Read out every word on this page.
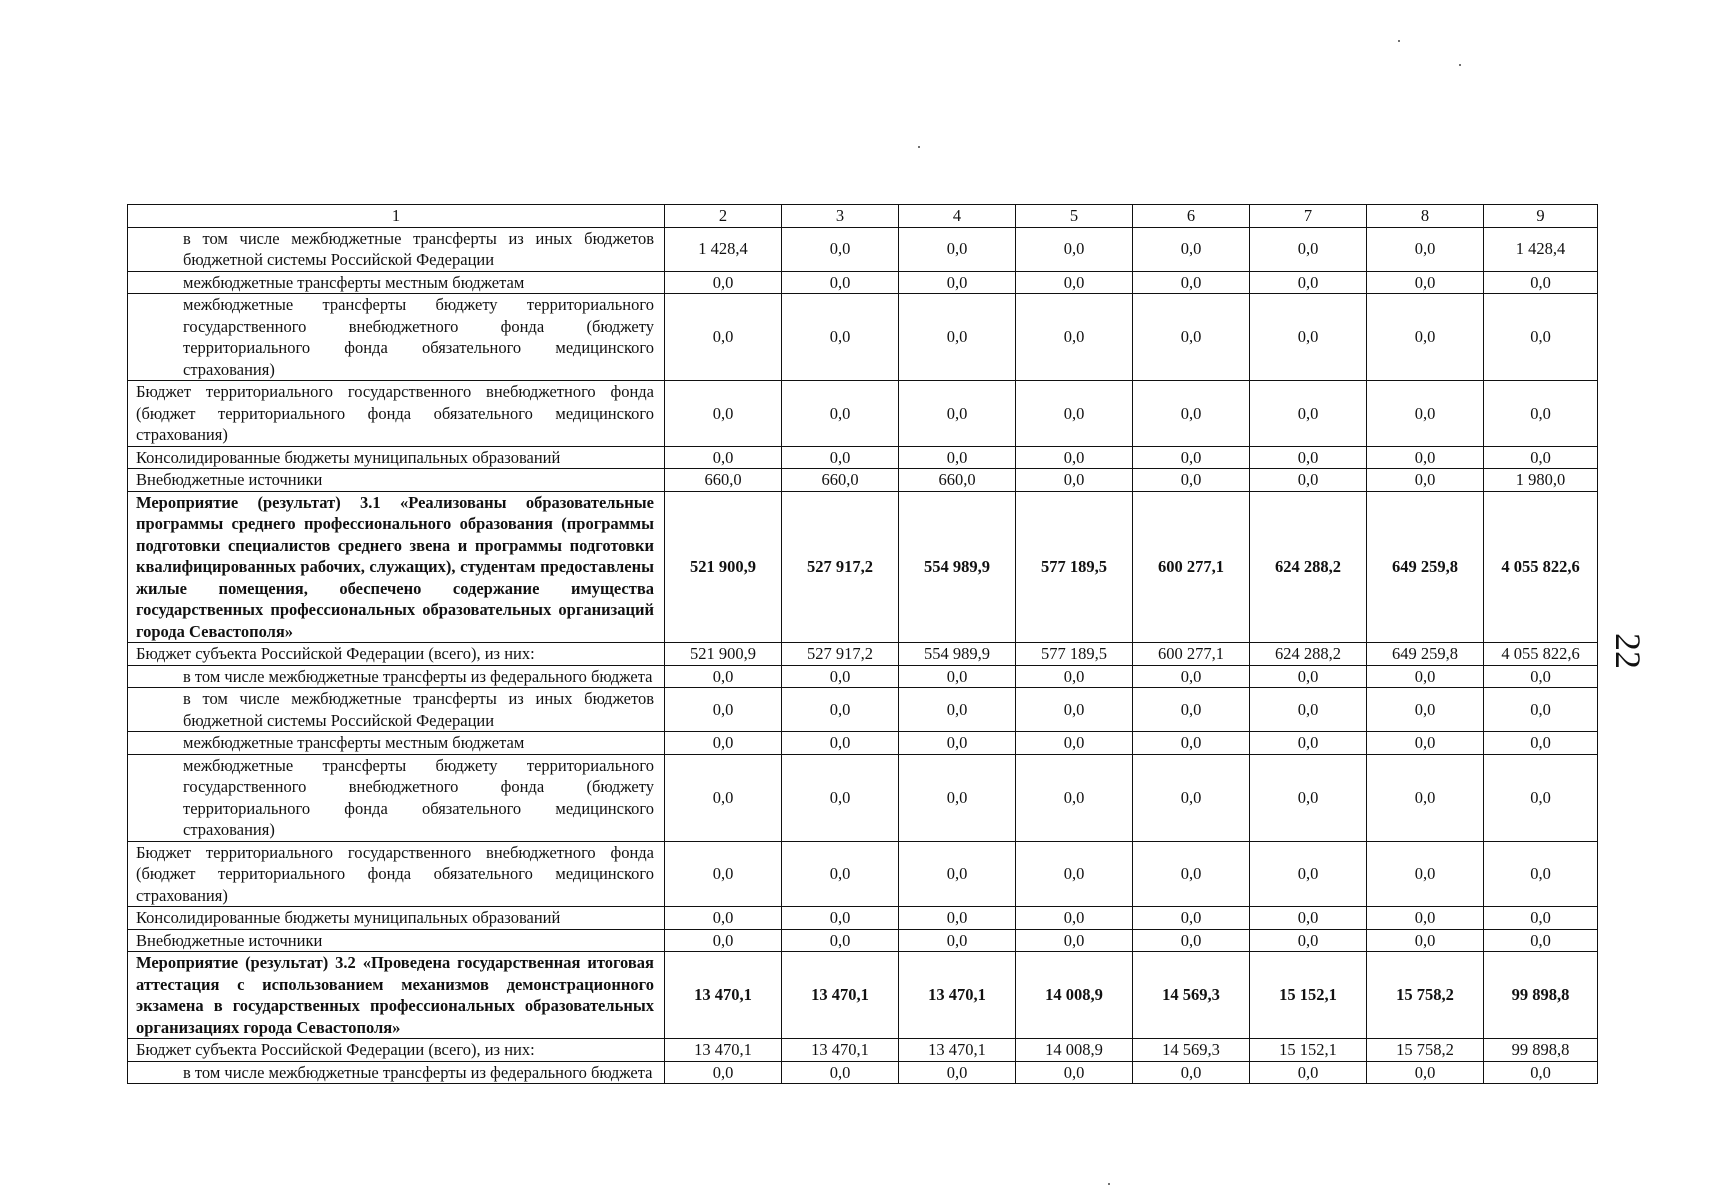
1	2	3	4	5	6	7	8	9
в том числе межбюджетные трансферты из иных бюджетов бюджетной системы Российской Федерации	1 428,4	0,0	0,0	0,0	0,0	0,0	0,0	1 428,4
межбюджетные трансферты местным бюджетам	0,0	0,0	0,0	0,0	0,0	0,0	0,0	0,0
межбюджетные трансферты бюджету территориального государственного внебюджетного фонда (бюджету территориального фонда обязательного медицинского страхования)	0,0	0,0	0,0	0,0	0,0	0,0	0,0	0,0
Бюджет территориального государственного внебюджетного фонда (бюджет территориального фонда обязательного медицинского страхования)	0,0	0,0	0,0	0,0	0,0	0,0	0,0	0,0
Консолидированные бюджеты муниципальных образований	0,0	0,0	0,0	0,0	0,0	0,0	0,0	0,0
Внебюджетные источники	660,0	660,0	660,0	0,0	0,0	0,0	0,0	1 980,0
Мероприятие (результат) 3.1 «Реализованы образовательные программы среднего профессионального образования (программы подготовки специалистов среднего звена и программы подготовки квалифицированных рабочих, служащих), студентам предоставлены жилые помещения, обеспечено содержание имущества государственных профессиональных образовательных организаций города Севастополя»	521 900,9	527 917,2	554 989,9	577 189,5	600 277,1	624 288,2	649 259,8	4 055 822,6
Бюджет субъекта Российской Федерации (всего), из них:	521 900,9	527 917,2	554 989,9	577 189,5	600 277,1	624 288,2	649 259,8	4 055 822,6
в том числе межбюджетные трансферты из федерального бюджета	0,0	0,0	0,0	0,0	0,0	0,0	0,0	0,0
в том числе межбюджетные трансферты из иных бюджетов бюджетной системы Российской Федерации	0,0	0,0	0,0	0,0	0,0	0,0	0,0	0,0
межбюджетные трансферты местным бюджетам	0,0	0,0	0,0	0,0	0,0	0,0	0,0	0,0
межбюджетные трансферты бюджету территориального государственного внебюджетного фонда (бюджету территориального фонда обязательного медицинского страхования)	0,0	0,0	0,0	0,0	0,0	0,0	0,0	0,0
Бюджет территориального государственного внебюджетного фонда (бюджет территориального фонда обязательного медицинского страхования)	0,0	0,0	0,0	0,0	0,0	0,0	0,0	0,0
Консолидированные бюджеты муниципальных образований	0,0	0,0	0,0	0,0	0,0	0,0	0,0	0,0
Внебюджетные источники	0,0	0,0	0,0	0,0	0,0	0,0	0,0	0,0
Мероприятие (результат) 3.2 «Проведена государственная итоговая аттестация с использованием механизмов демонстрационного экзамена в государственных профессиональных образовательных организациях города Севастополя»	13 470,1	13 470,1	13 470,1	14 008,9	14 569,3	15 152,1	15 758,2	99 898,8
Бюджет субъекта Российской Федерации (всего), из них:	13 470,1	13 470,1	13 470,1	14 008,9	14 569,3	15 152,1	15 758,2	99 898,8
в том числе межбюджетные трансферты из федерального бюджета	0,0	0,0	0,0	0,0	0,0	0,0	0,0	0,0
22
